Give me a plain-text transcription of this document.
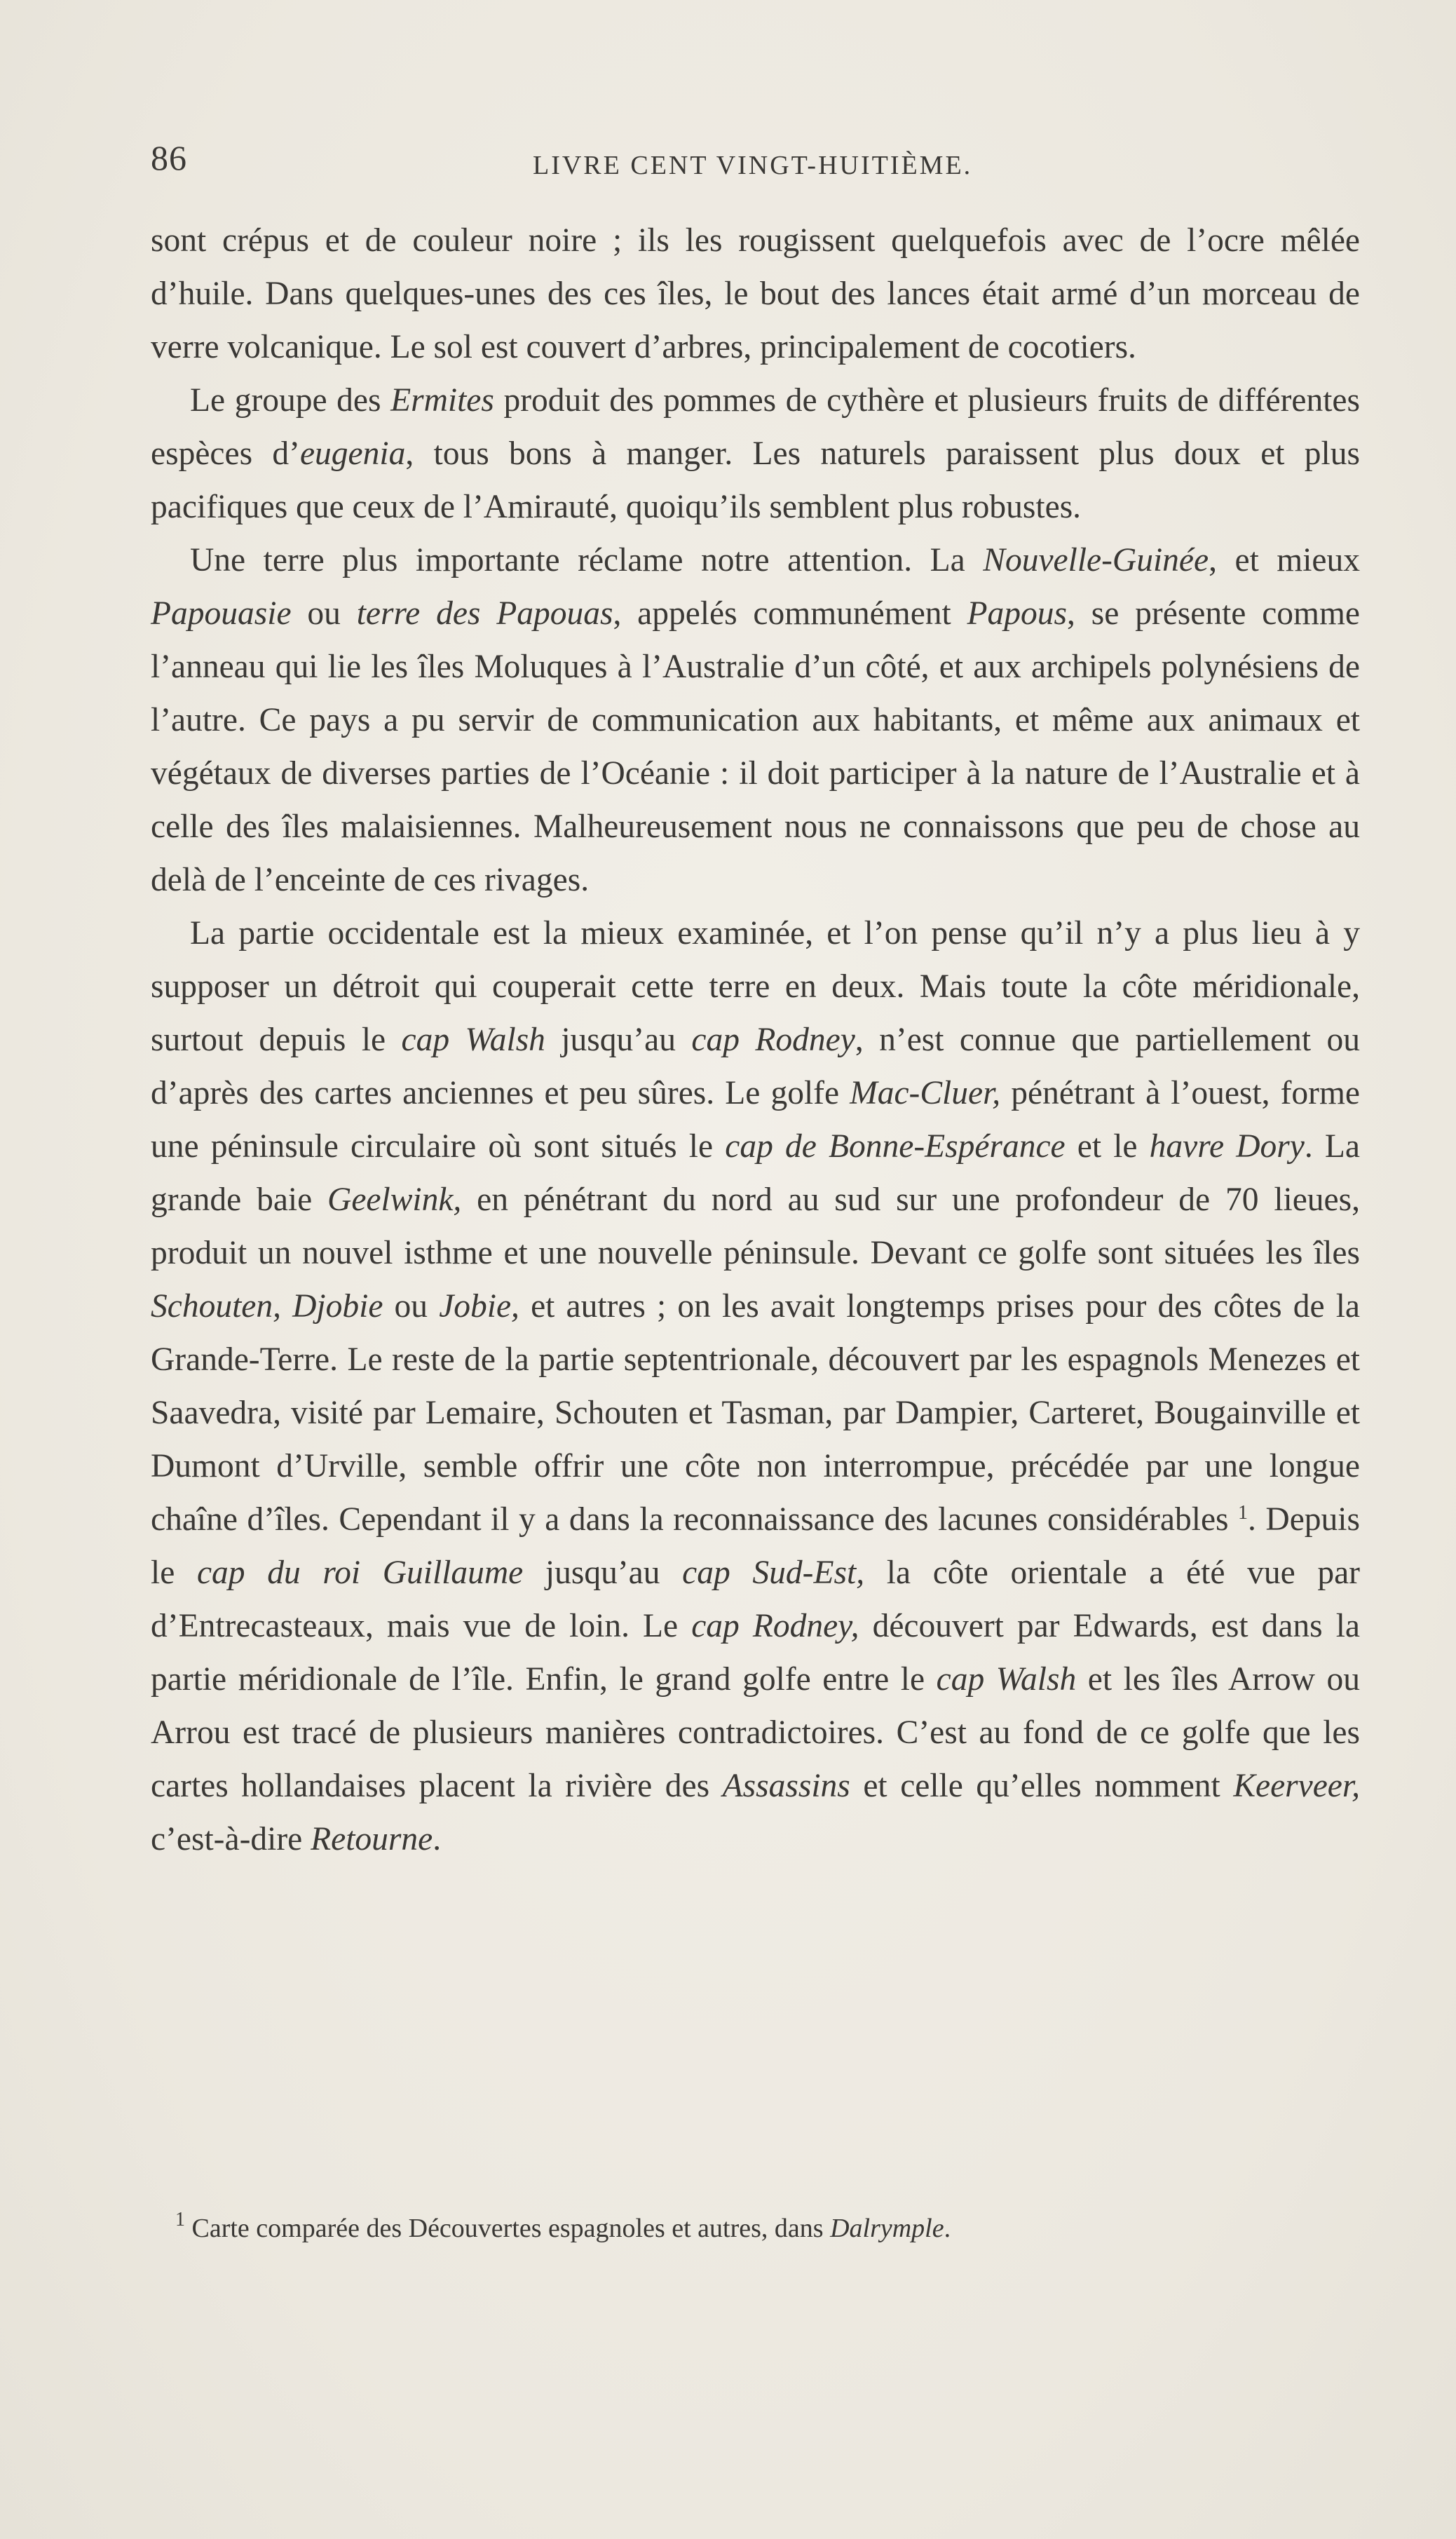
86	LIVRE CENT VINGT-HUITIÈME.

sont crépus et de couleur noire ; ils les rougissent quelquefois avec de l’ocre mêlée d’huile. Dans quelques-unes des ces îles, le bout des lances était armé d’un morceau de verre volcanique. Le sol est couvert d’arbres, principalement de cocotiers.

Le groupe des Ermites produit des pommes de cythère et plusieurs fruits de différentes espèces d’eugenia, tous bons à manger. Les naturels paraissent plus doux et plus pacifiques que ceux de l’Amirauté, quoiqu’ils semblent plus robustes.

Une terre plus importante réclame notre attention. La Nouvelle-Guinée, et mieux Papouasie ou terre des Papouas, appelés communément Papous, se présente comme l’anneau qui lie les îles Moluques à l’Australie d’un côté, et aux archipels polynésiens de l’autre. Ce pays a pu servir de communication aux habitants, et même aux animaux et végétaux de diverses parties de l’Océanie : il doit participer à la nature de l’Australie et à celle des îles malaisiennes. Malheureusement nous ne connaissons que peu de chose au delà de l’enceinte de ces rivages.

La partie occidentale est la mieux examinée, et l’on pense qu’il n’y a plus lieu à y supposer un détroit qui couperait cette terre en deux. Mais toute la côte méridionale, surtout depuis le cap Walsh jusqu’au cap Rodney, n’est connue que partiellement ou d’après des cartes anciennes et peu sûres. Le golfe Mac-Cluer, pénétrant à l’ouest, forme une péninsule circulaire où sont situés le cap de Bonne-Espérance et le havre Dory. La grande baie Geelwink, en pénétrant du nord au sud sur une profondeur de 70 lieues, produit un nouvel isthme et une nouvelle péninsule. Devant ce golfe sont situées les îles Schouten, Djobie ou Jobie, et autres ; on les avait longtemps prises pour des côtes de la Grande-Terre. Le reste de la partie septentrionale, découvert par les espagnols Menezes et Saavedra, visité par Lemaire, Schouten et Tasman, par Dampier, Carteret, Bougainville et Dumont d’Urville, semble offrir une côte non interrompue, précédée par une longue chaîne d’îles. Cependant il y a dans la reconnaissance des lacunes considérables $^1$. Depuis le cap du roi Guillaume jusqu’au cap Sud-Est, la côte orientale a été vue par d’Entrecasteaux, mais vue de loin. Le cap Rodney, découvert par Edwards, est dans la partie méridionale de l’île. Enfin, le grand golfe entre le cap Walsh et les îles Arrow ou Arrou est tracé de plusieurs manières contradictoires. C’est au fond de ce golfe que les cartes hollandaises placent la rivière des Assassins et celle qu’elles nomment Keerveer, c’est-à-dire Retourne.

$^1$ Carte comparée des Découvertes espagnoles et autres, dans Dalrymple.
